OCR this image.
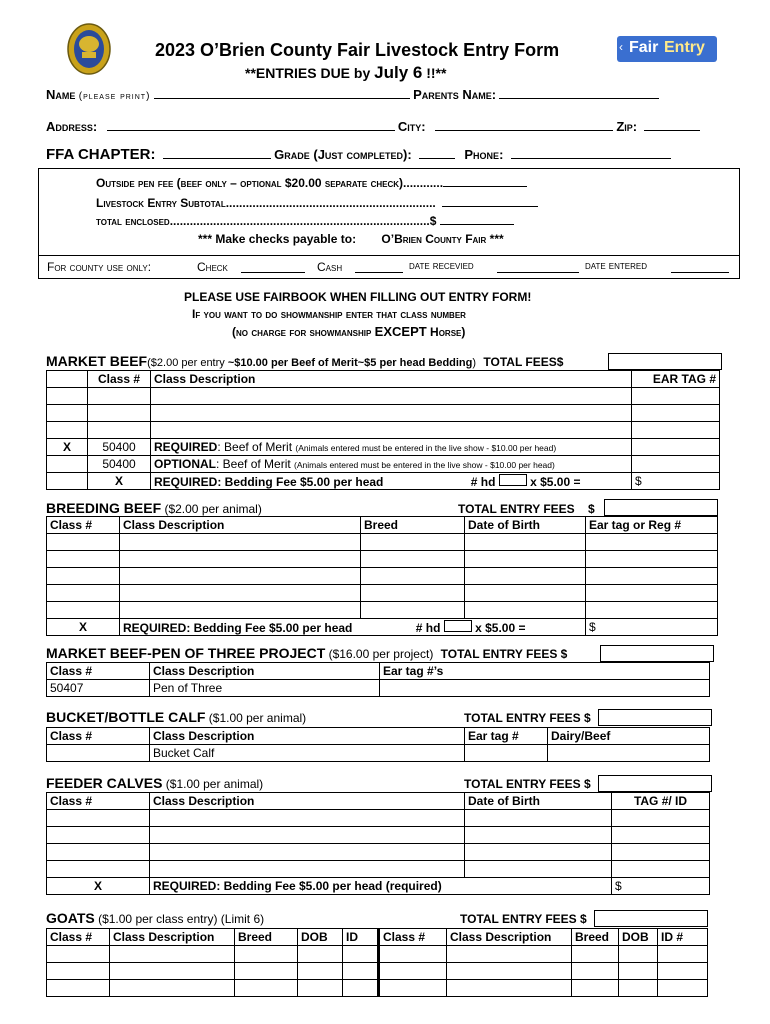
2023 O’Brien County Fair Livestock Entry Form
**ENTRIES DUE by July 6 !!**
‹ Fair Entry
Name (please print)	Parents Name:
Address:	City:	Zip:
FFA CHAPTER:	Grade (Just completed):	Phone:
Outside pen fee (beef only – optional $20.00 separate check)............
Livestock Entry Subtotal...............................................................
total enclosed..............................................................................$
*** Make checks payable to: O’Brien County Fair ***
For county use only:	Check	Cash	date recevied	date entered
PLEASE USE FAIRBOOK WHEN FILLING OUT ENTRY FORM!
If you want to do showmanship enter that class number
(no charge for showmanship EXCEPT Horse)
MARKET BEEF($2.00 per entry ~$10.00 per Beef of Merit~$5 per head Bedding) TOTAL FEES$
	Class #	Class Description	EAR TAG #

X	50400	REQUIRED: Beef of Merit (Animals entered must be entered in the live show - $10.00 per head)	
	50400	OPTIONAL: Beef of Merit (Animals entered must be entered in the live show - $10.00 per head)	
	X	REQUIRED: Bedding Fee $5.00 per head # hd x $5.00 =	$
BREEDING BEEF ($2.00 per animal)	TOTAL ENTRY FEES $
Class #	Class Description	Breed	Date of Birth	Ear tag or Reg #

X	REQUIRED: Bedding Fee $5.00 per head # hd x $5.00 =			$
MARKET BEEF-PEN OF THREE PROJECT ($16.00 per project) TOTAL ENTRY FEES $
Class #	Class Description	Ear tag #’s
50407	Pen of Three	
BUCKET/BOTTLE CALF ($1.00 per animal)	TOTAL ENTRY FEES $
Class #	Class Description	Ear tag #	Dairy/Beef
	Bucket Calf		
FEEDER CALVES ($1.00 per animal)	TOTAL ENTRY FEES $
Class #	Class Description	Date of Birth	TAG #/ ID

X	REQUIRED: Bedding Fee $5.00 per head (required)		$
GOATS ($1.00 per class entry) (Limit 6)	TOTAL ENTRY FEES $
Class #	Class Description	Breed	DOB	ID	Class #	Class Description	Breed	DOB	ID #
